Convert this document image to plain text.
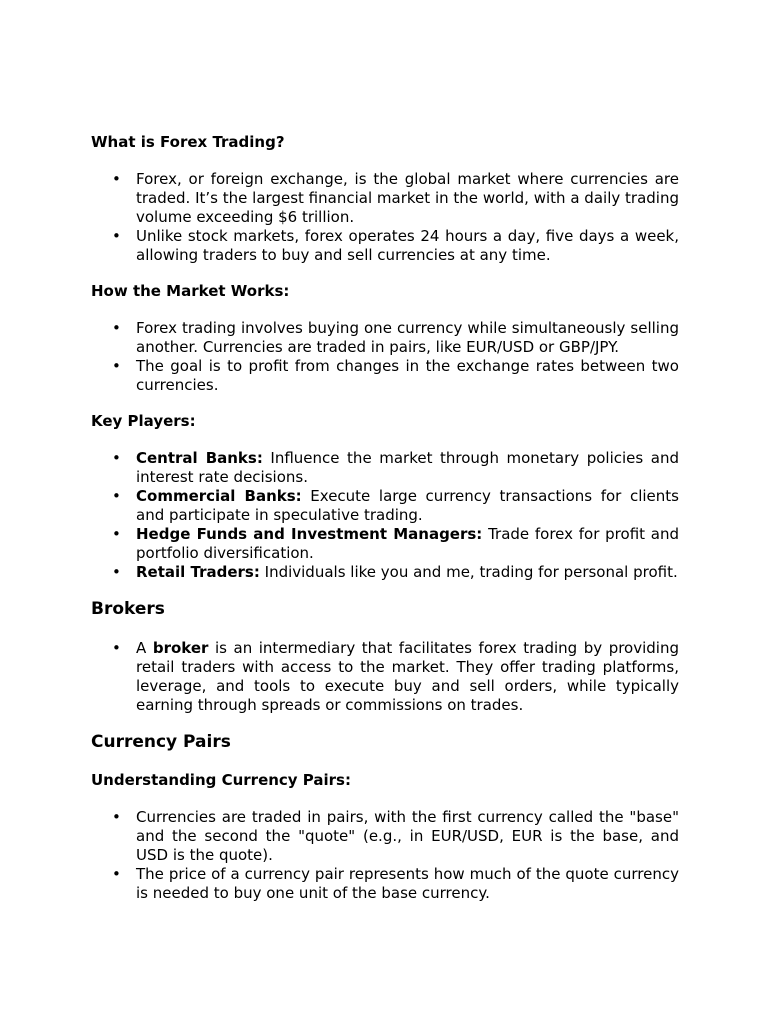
What is Forex Trading?

• Forex, or foreign exchange, is the global market where currencies are traded. It’s the largest financial market in the world, with a daily trading volume exceeding $6 trillion.
• Unlike stock markets, forex operates 24 hours a day, five days a week, allowing traders to buy and sell currencies at any time.

How the Market Works:

• Forex trading involves buying one currency while simultaneously selling another. Currencies are traded in pairs, like EUR/USD or GBP/JPY.
• The goal is to profit from changes in the exchange rates between two currencies.

Key Players:

• Central Banks: Influence the market through monetary policies and interest rate decisions.
• Commercial Banks: Execute large currency transactions for clients and participate in speculative trading.
• Hedge Funds and Investment Managers: Trade forex for profit and portfolio diversification.
• Retail Traders: Individuals like you and me, trading for personal profit.

Brokers

• A broker is an intermediary that facilitates forex trading by providing retail traders with access to the market. They offer trading platforms, leverage, and tools to execute buy and sell orders, while typically earning through spreads or commissions on trades.

Currency Pairs

Understanding Currency Pairs:

• Currencies are traded in pairs, with the first currency called the "base" and the second the "quote" (e.g., in EUR/USD, EUR is the base, and USD is the quote).
• The price of a currency pair represents how much of the quote currency is needed to buy one unit of the base currency.
